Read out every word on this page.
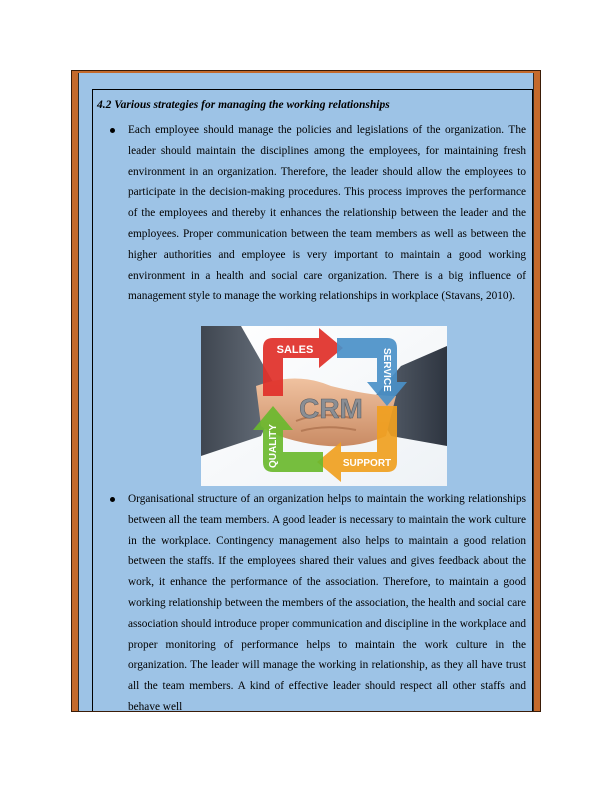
4.2 Various strategies for managing the working relationships

Each employee should manage the policies and legislations of the organization. The leader should maintain the disciplines among the employees, for maintaining fresh environment in an organization. Therefore, the leader should allow the employees to participate in the decision-making procedures. This process improves the performance of the employees and thereby it enhances the relationship between the leader and the employees. Proper communication between the team members as well as between the higher authorities and employee is very important to maintain a good working environment in a health and social care organization. There is a big influence of management style to manage the working relationships in workplace (Stavans, 2010).

SALES	SERVICE
SUPPORT
QUALITY
CRM

Organisational structure of an organization helps to maintain the working relationships between all the team members. A good leader is necessary to maintain the work culture in the workplace. Contingency management also helps to maintain a good relation between the staffs. If the employees shared their values and gives feedback about the work, it enhance the performance of the association. Therefore, to maintain a good working relationship between the members of the association, the health and social care association should introduce proper communication and discipline in the workplace and proper monitoring of performance helps to maintain the work culture in the organization. The leader will manage the working in relationship, as they all have trust all the team members. A kind of effective leader should respect all other staffs and behave well
